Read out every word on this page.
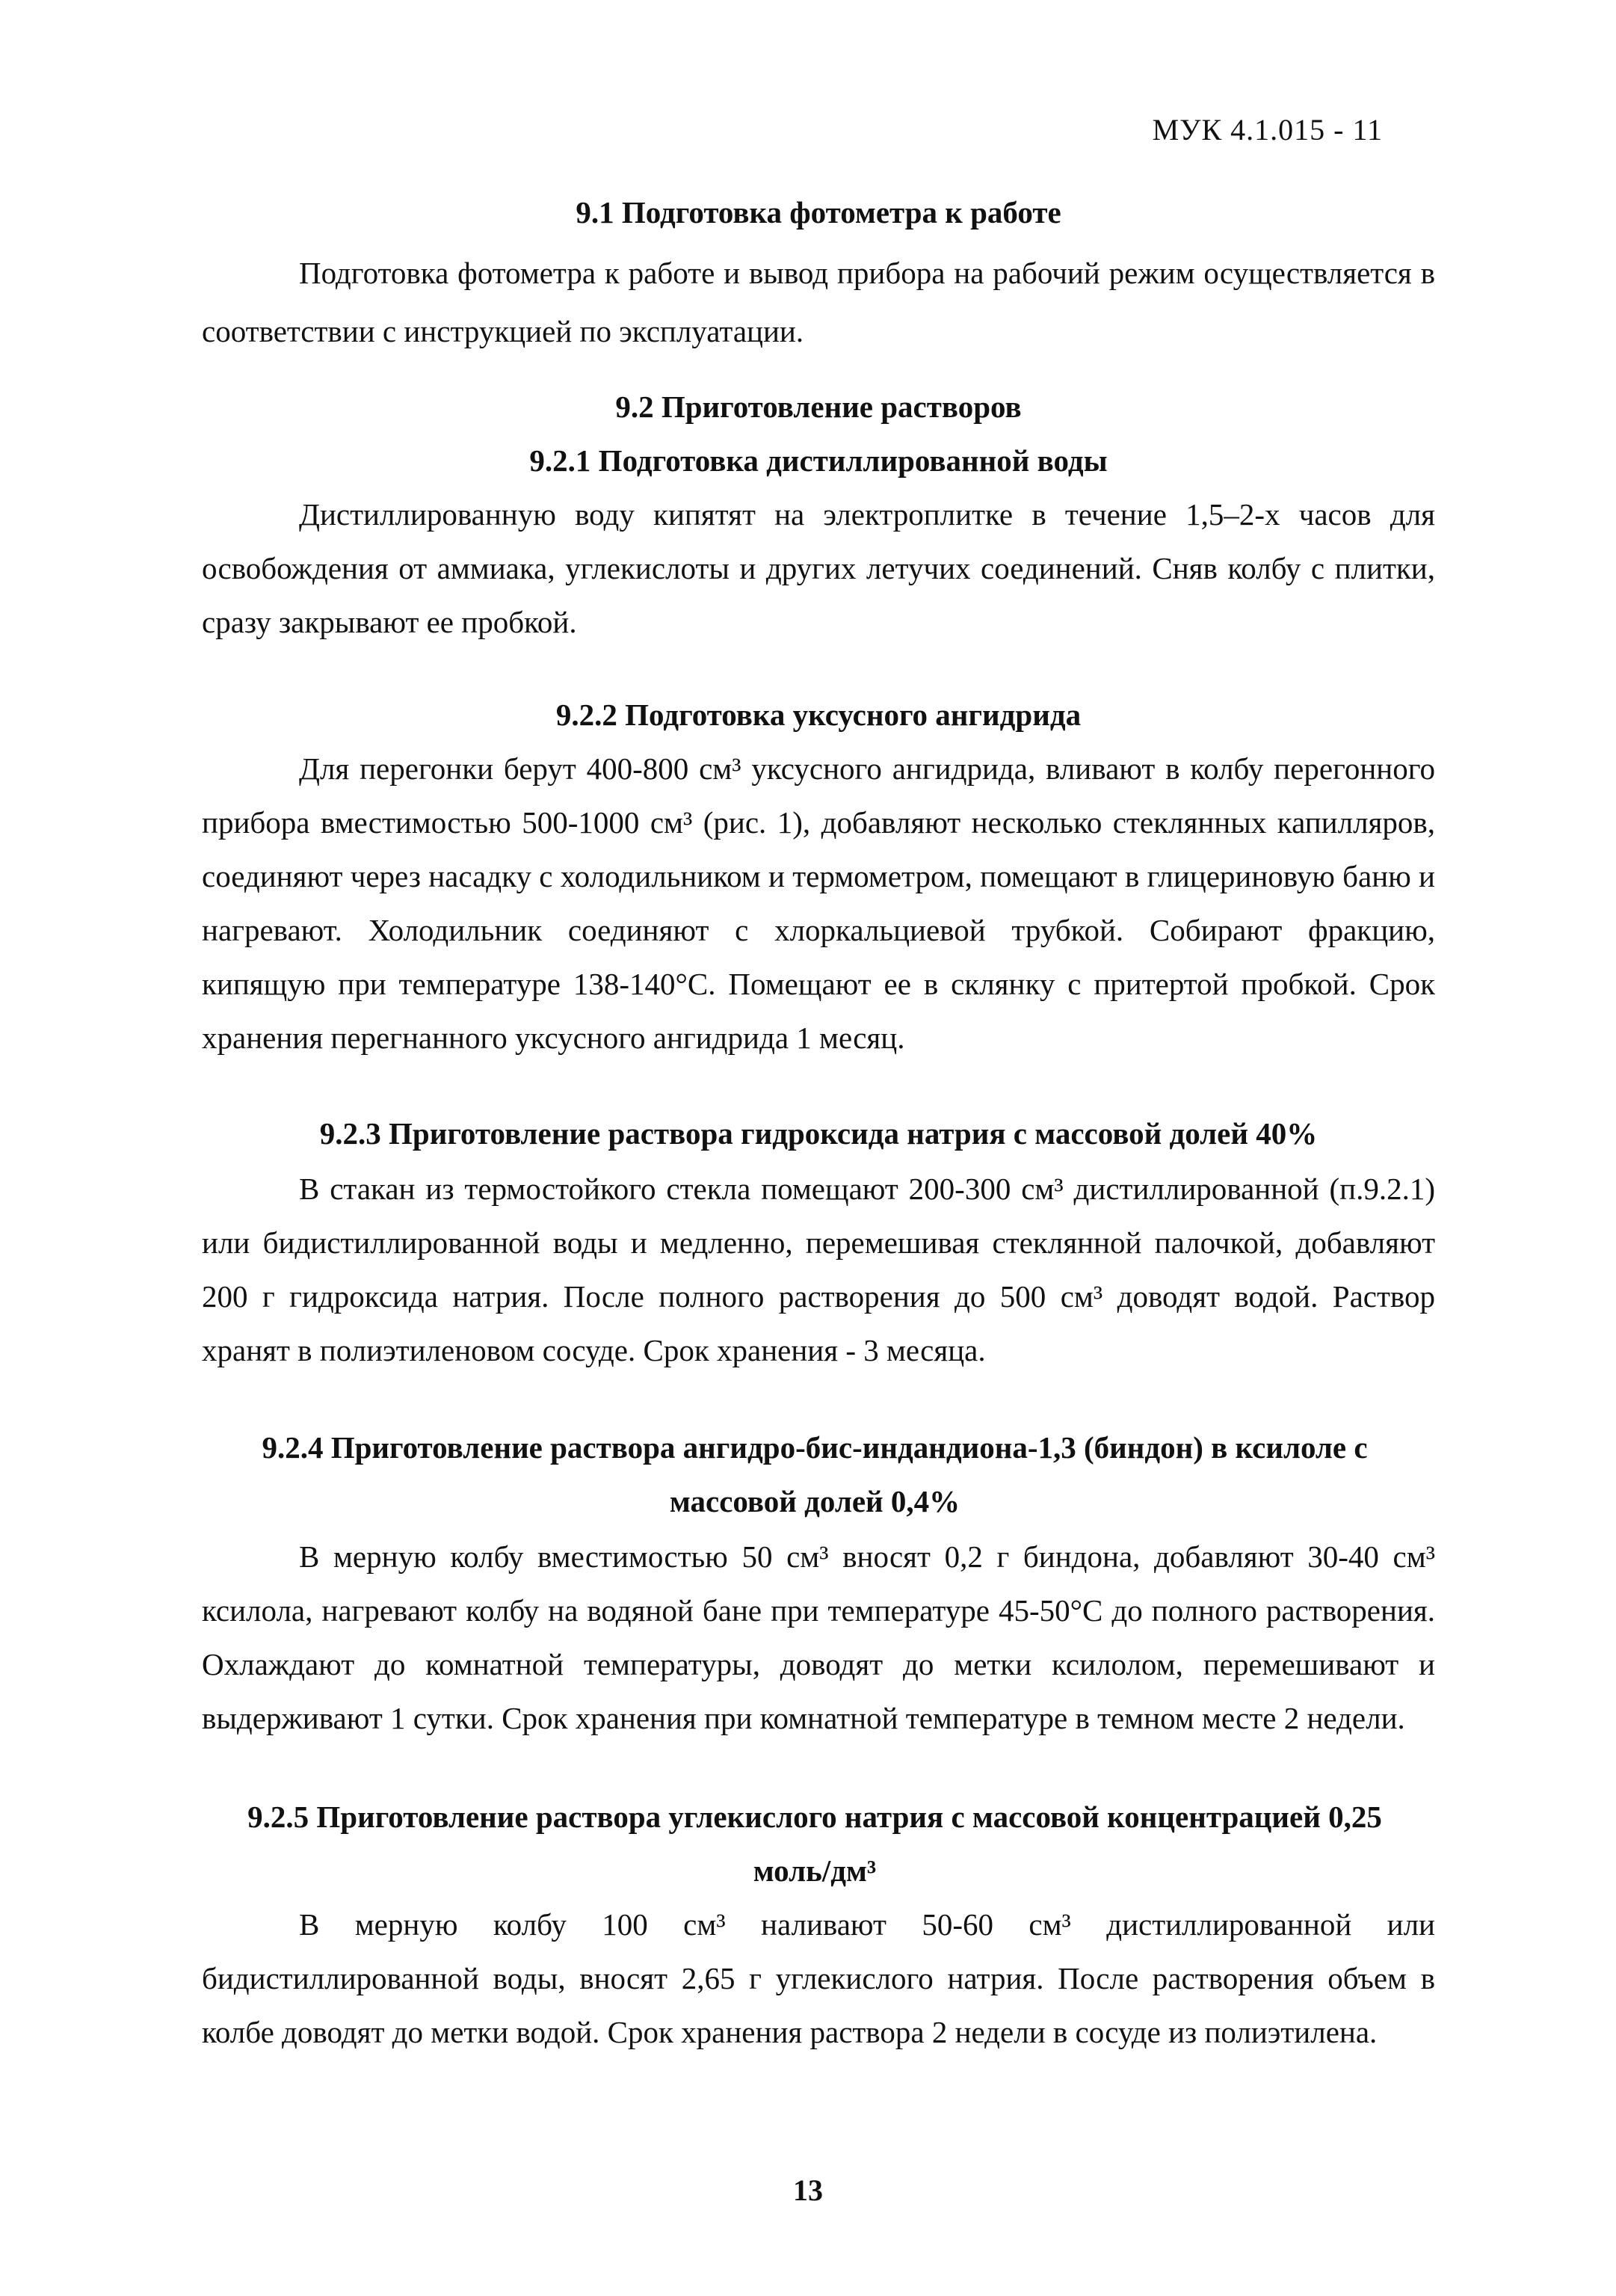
МУК 4.1.015 - 11
9.1 Подготовка фотометра к работе
Подготовка фотометра к работе и вывод прибора на рабочий режим осуществляется в соответствии с инструкцией по эксплуатации.
9.2 Приготовление растворов
9.2.1 Подготовка дистиллированной воды
Дистиллированную воду кипятят на электроплитке в течение 1,5–2-х часов для освобождения от аммиака, углекислоты и других летучих соединений. Сняв колбу с плитки, сразу закрывают ее пробкой.
9.2.2 Подготовка уксусного ангидрида
Для перегонки берут 400-800 см³ уксусного ангидрида, вливают в колбу перегонного прибора вместимостью 500-1000 см³ (рис. 1), добавляют несколько стеклянных капилляров, соединяют через насадку с холодильником и термометром, помещают в глицериновую баню и нагревают. Холодильник соединяют с хлоркальциевой трубкой. Собирают фракцию, кипящую при температуре 138-140°С. Помещают ее в склянку с притертой пробкой. Срок хранения перегнанного уксусного ангидрида 1 месяц.
9.2.3 Приготовление раствора гидроксида натрия с массовой долей 40%
В стакан из термостойкого стекла помещают 200-300 см³ дистиллированной (п.9.2.1) или бидистиллированной воды и медленно, перемешивая стеклянной палочкой, добавляют 200 г гидроксида натрия. После полного растворения до 500 см³ доводят водой. Раствор хранят в полиэтиленовом сосуде. Срок хранения - 3 месяца.
9.2.4 Приготовление раствора ангидро-бис-индандиона-1,3 (биндон) в ксилоле с массовой долей 0,4%
В мерную колбу вместимостью 50 см³ вносят 0,2 г биндона, добавляют 30-40 см³ ксилола, нагревают колбу на водяной бане при температуре 45-50°С до полного растворения. Охлаждают до комнатной температуры, доводят до метки ксилолом, перемешивают и выдерживают 1 сутки. Срок хранения при комнатной температуре в темном месте 2 недели.
9.2.5 Приготовление раствора углекислого натрия с массовой концентрацией 0,25 моль/дм³
В мерную колбу 100 см³ наливают 50-60 см³ дистиллированной или бидистиллированной воды, вносят 2,65 г углекислого натрия. После растворения объем в колбе доводят до метки водой. Срок хранения раствора 2 недели в сосуде из полиэтилена.
13
